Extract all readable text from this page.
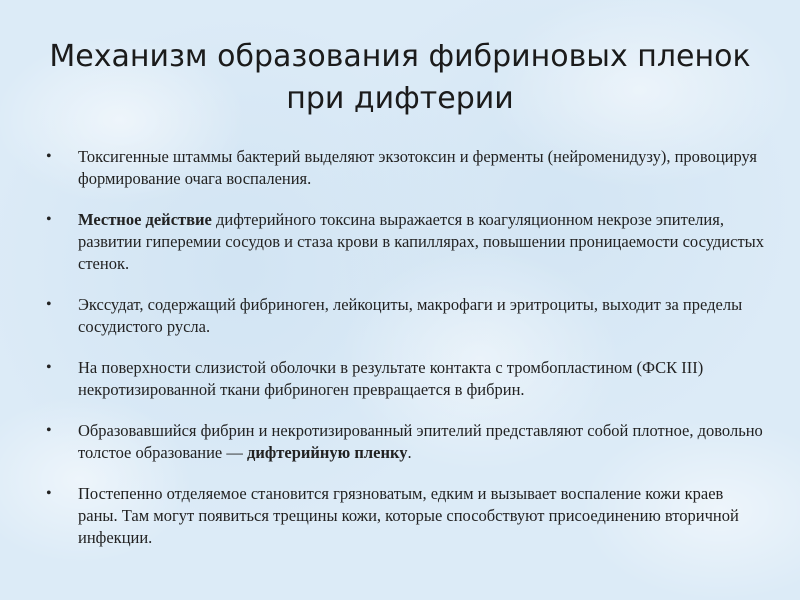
Механизм образования фибриновых пленок
при дифтерии
• Токсигенные штаммы бактерий выделяют экзотоксин и ферменты (нейроменидузу), провоцируя формирование очага воспаления.
• Местное действие дифтерийного токсина выражается в коагуляционном некрозе эпителия, развитии гиперемии сосудов и стаза крови в капиллярах, повышении проницаемости сосудистых стенок.
• Экссудат, содержащий фибриноген, лейкоциты, макрофаги и эритроциты, выходит за пределы сосудистого русла.
• На поверхности слизистой оболочки в результате контакта с тромбопластином (ФСК III) некротизированной ткани фибриноген превращается в фибрин.
• Образовавшийся фибрин и некротизированный эпителий представляют собой плотное, довольно толстое образование — дифтерийную пленку.
• Постепенно отделяемое становится грязноватым, едким и вызывает воспаление кожи краев раны. Там могут появиться трещины кожи, которые способствуют присоединению вторичной инфекции.
